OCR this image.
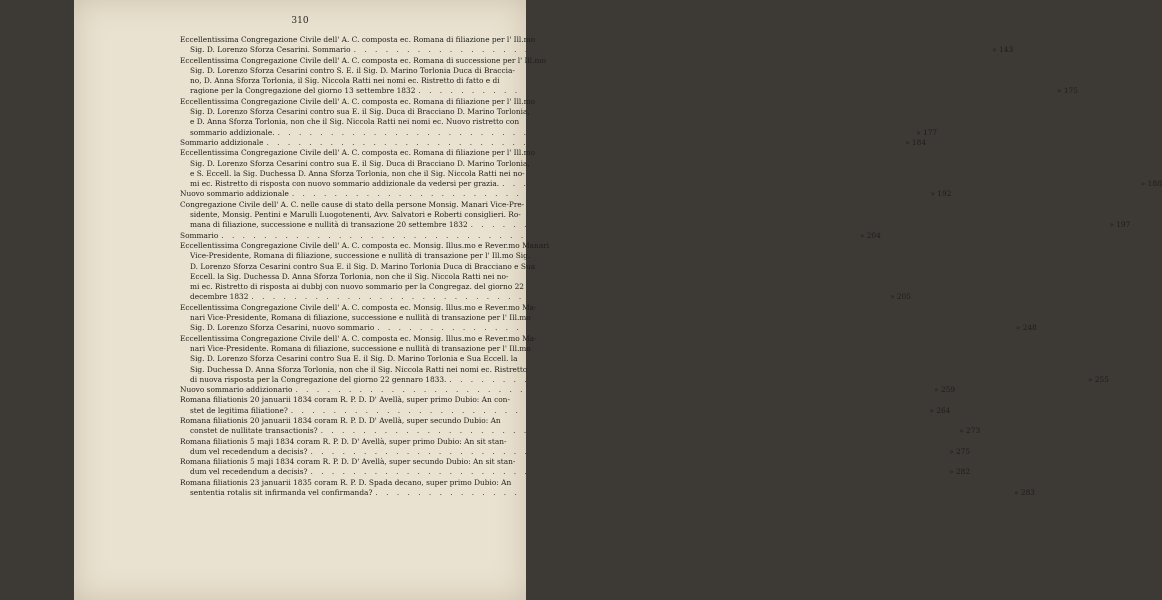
310
Eccellentissima Congregazione Civile dell' A. C. composta ec. Romana di filiazione per l' Ill.mo
Sig. D. Lorenzo Sforza Cesarini. Sommario . . . . . . . . . . . . . . . . . . . . . . . . . . . . . . . . . . . . . . . . . . . . . . . . . . . . . . . . . . . . » 143
Eccellentissima Congregazione Civile dell' A. C. composta ec. Romana di successione per l' Ill.mo
Sig. D. Lorenzo Sforza Cesarini contro S. E. il Sig. D. Marino Torlonia Duca di Braccia-
no, D. Anna Sforza Torlonia, il Sig. Niccola Ratti nei nomi ec. Ristretto di fatto e di
ragione per la Congregazione del giorno 13 settembre 1832 . . . . . . . . . . . . . . . . . . . . . . . . . . . . . . . . . . . . . . . . . . . . . . . . . . . . . . . . . . . . » 175
Eccellentissima Congregazione Civile dell' A. C. composta ec. Romana di filiazione per l' Ill.mo
Sig. D. Lorenzo Sforza Cesarini contro sua E. il Sig. Duca di Bracciano D. Marino Torlonia,
e D. Anna Sforza Torlonia, non che il Sig. Niccola Ratti nei nomi ec. Nuovo ristretto con
sommario addizionale. . . . . . . . . . . . . . . . . . . . . . . . . . . . . . . . . . . . . . . . . . . . . . . . . . . . . . . . . . . . . » 177
Sommario addizionale . . . . . . . . . . . . . . . . . . . . . . . . . . . . . . . . . . . . . . . . . . . . . . . . . . . . . . . . . . . . » 184
Eccellentissima Congregazione Civile dell' A. C. composta ec. Romana di filiazione per l' Ill.mo
Sig. D. Lorenzo Sforza Cesarini contro sua E. il Sig. Duca di Bracciano D. Marino Torlonia,
e S. Eccell. la Sig. Duchessa D. Anna Sforza Torlonia, non che il Sig. Niccola Ratti nei no-
mi ec. Ristretto di risposta con nuovo sommario addizionale da vedersi per grazia. . . . . . . . . . . . . . . . . . . . . . . . . . . . . . . . . . . . . . . . . . . . . . . . . . . . . . . . . . . . . » 188
Nuovo sommario addizionale . . . . . . . . . . . . . . . . . . . . . . . . . . . . . . . . . . . . . . . . . . . . . . . . . . . . . . . . . . . . » 192
Congregazione Civile dell' A. C. nelle cause di stato della persone Monsig. Manari Vice-Pre-
sidente, Monsig. Pentini e Marulli Luogotenenti, Avv. Salvatori e Roberti consiglieri. Ro-
mana di filiazione, successione e nullità di transazione 20 settembre 1832 . . . . . . . . . . . . . . . . . . . . . . . . . . . . . . . . . . . . . . . . . . . . . . . . . . . . . . . . . . . . » 197
Sommario . . . . . . . . . . . . . . . . . . . . . . . . . . . . . . . . . . . . . . . . . . . . . . . . . . . . . . . . . . . . » 204
Eccellentissima Congregazione Civile dell' A. C. composta ec. Monsig. Illus.mo e Rever.mo Manari
Vice-Presidente, Romana di filiazione, successione e nullità di transazione per l' Ill.mo Sig.
D. Lorenzo Sforza Cesarini contro Sua E. il Sig. D. Marino Torlonia Duca di Bracciano e Sua
Eccell. la Sig. Duchessa D. Anna Sforza Torlonia, non che il Sig. Niccola Ratti nei no-
mi ec. Ristretto di risposta ai dubbj con nuovo sommario per la Congregaz. del giorno 22
decembre 1832 . . . . . . . . . . . . . . . . . . . . . . . . . . . . . . . . . . . . . . . . . . . . . . . . . . . . . . . . . . . . » 205
Eccellentissima Congregazione Civile dell' A. C. composta ec. Monsig. Illus.mo e Rever.mo Ma-
nari Vice-Presidente, Romana di filiazione, successione e nullità di transazione per l' Ill.mo
Sig. D. Lorenzo Sforza Cesarini, nuovo sommario . . . . . . . . . . . . . . . . . . . . . . . . . . . . . . . . . . . . . . . . . . . . . . . . . . . . . . . . . . . . » 248
Eccellentissima Congregazione Civile dell' A. C. composta ec. Monsig. Illus.mo e Rever.mo Ma-
nari Vice-Presidente. Romana di filiazione, successione e nullità di transazione per l' Ill.mo
Sig. D. Lorenzo Sforza Cesarini contro Sua E. il Sig. D. Marino Torlonia e Sua Eccell. la
Sig. Duchessa D. Anna Sforza Torlonia, non che il Sig. Niccola Ratti nei nomi ec. Ristretto
di nuova risposta per la Congregazione del giorno 22 gennaro 1833. . . . . . . . . . . . . . . . . . . . . . . . . . . . . . . . . . . . . . . . . . . . . . . . . . . . . . . . . . . . . » 255
Nuovo sommario addizionario . . . . . . . . . . . . . . . . . . . . . . . . . . . . . . . . . . . . . . . . . . . . . . . . . . . . . . . . . . . . » 259
Romana filiationis 20 januarii 1834 coram R. P. D. D' Avellà, super primo Dubio: An con-
stet de legitima filiatione? . . . . . . . . . . . . . . . . . . . . . . . . . . . . . . . . . . . . . . . . . . . . . . . . . . . . . . . . . . . . » 264
Romana filiationis 20 januarii 1834 coram R. P. D. D' Avellà, super secundo Dubio: An
constet de nullitate transactionis? . . . . . . . . . . . . . . . . . . . . . . . . . . . . . . . . . . . . . . . . . . . . . . . . . . . . . . . . . . . . » 273
Romana filiationis 5 maji 1834 coram R. P. D. D' Avellà, super primo Dubio: An sit stan-
dum vel recedendum a decisis? . . . . . . . . . . . . . . . . . . . . . . . . . . . . . . . . . . . . . . . . . . . . . . . . . . . . . . . . . . . . » 275
Romana filiationis 5 maji 1834 coram R. P. D. D' Avellà, super secundo Dubio: An sit stan-
dum vel recedendum a decisis? . . . . . . . . . . . . . . . . . . . . . . . . . . . . . . . . . . . . . . . . . . . . . . . . . . . . . . . . . . . . » 282
Romana filiationis 23 januarii 1835 coram R. P. D. Spada decano, super primo Dubio: An
sententia rotalis sit infirmanda vel confirmanda? . . . . . . . . . . . . . . . . . . . . . . . . . . . . . . . . . . . . . . . . . . . . . . . . . . . . . . . . . . . . » 283
